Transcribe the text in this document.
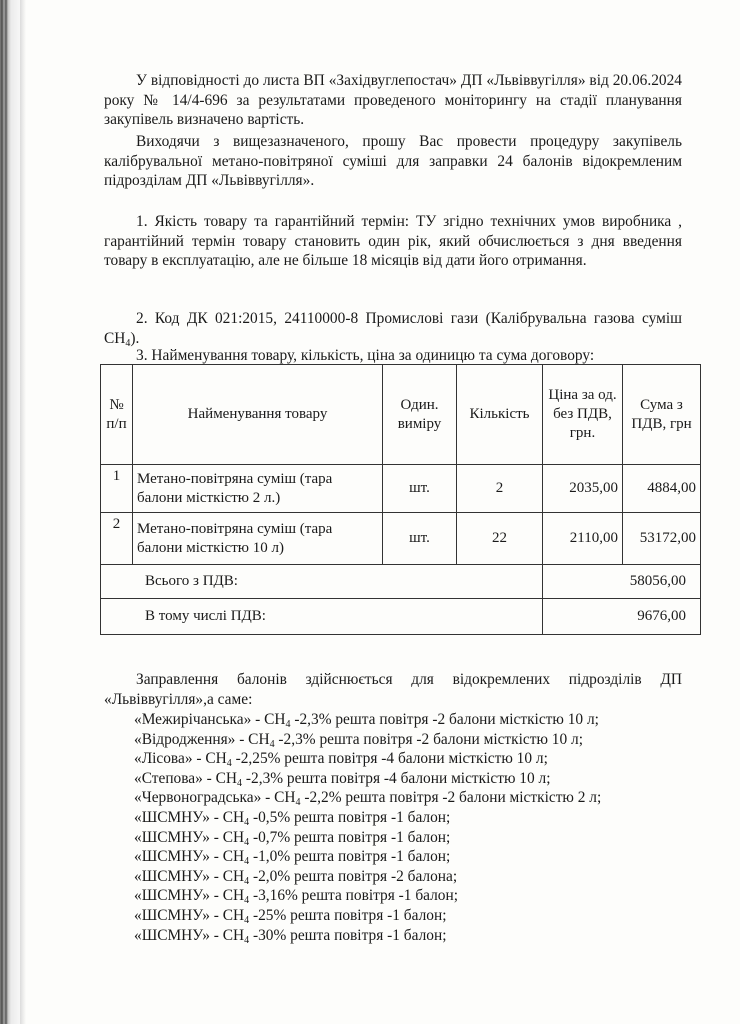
У відповідності до листа ВП «Західвуглепостач» ДП «Львіввугілля» від 20.06.2024 року № 14/4-696 за результатами проведеного моніторингу на стадії планування закупівель визначено вартість.

Виходячи з вищезазначеного, прошу Вас провести процедуру закупівель калібрувальної метано-повітряної суміші для заправки 24 балонів відокремленим підрозділам ДП «Львіввугілля».

1. Якість товару та гарантійний термін: ТУ згідно технічних умов виробника , гарантійний термін товару становить один рік, який обчислюється з дня введення товару в експлуатацію, але не більше 18 місяців від дати його отримання.

2. Код ДК 021:2015, 24110000-8 Промислові гази (Калібрувальна газова суміш $CH_4$).

3. Найменування товару, кількість, ціна за одиницю та сума договору:

№ п/п	Найменування товару	Один. виміру	Кількість	Ціна за од. без ПДВ, грн.	Сума з ПДВ, грн
1	Метано-повітряна суміш (тара балони місткістю 2 л.)	шт.	2	2035,00	4884,00
2	Метано-повітряна суміш (тара балони місткістю 10 л)	шт.	22	2110,00	53172,00
Всього з ПДВ:				58056,00	
В тому числі ПДВ:				9676,00	

Заправлення балонів здійснюється для відокремлених підрозділів ДП «Львіввугілля»,а саме:

«Межирічанська» - $CH_4$ -2,3% решта повітря -2 балони місткістю 10 л;
«Відродження» - $CH_4$ -2,3% решта повітря -2 балони місткістю 10 л;
«Лісова» - $CH_4$ -2,25% решта повітря -4 балони місткістю 10 л;
«Степова» - $CH_4$ -2,3% решта повітря -4 балони місткістю 10 л;
«Червоноградська» - $CH_4$ -2,2% решта повітря -2 балони місткістю 2 л;
«ШСМНУ» - $CH_4$ -0,5% решта повітря -1 балон;
«ШСМНУ» - $CH_4$ -0,7% решта повітря -1 балон;
«ШСМНУ» - $CH_4$ -1,0% решта повітря -1 балон;
«ШСМНУ» - $CH_4$ -2,0% решта повітря -2 балона;
«ШСМНУ» - $CH_4$ -3,16% решта повітря -1 балон;
«ШСМНУ» - $CH_4$ -25% решта повітря -1 балон;
«ШСМНУ» - $CH_4$ -30% решта повітря -1 балон;
